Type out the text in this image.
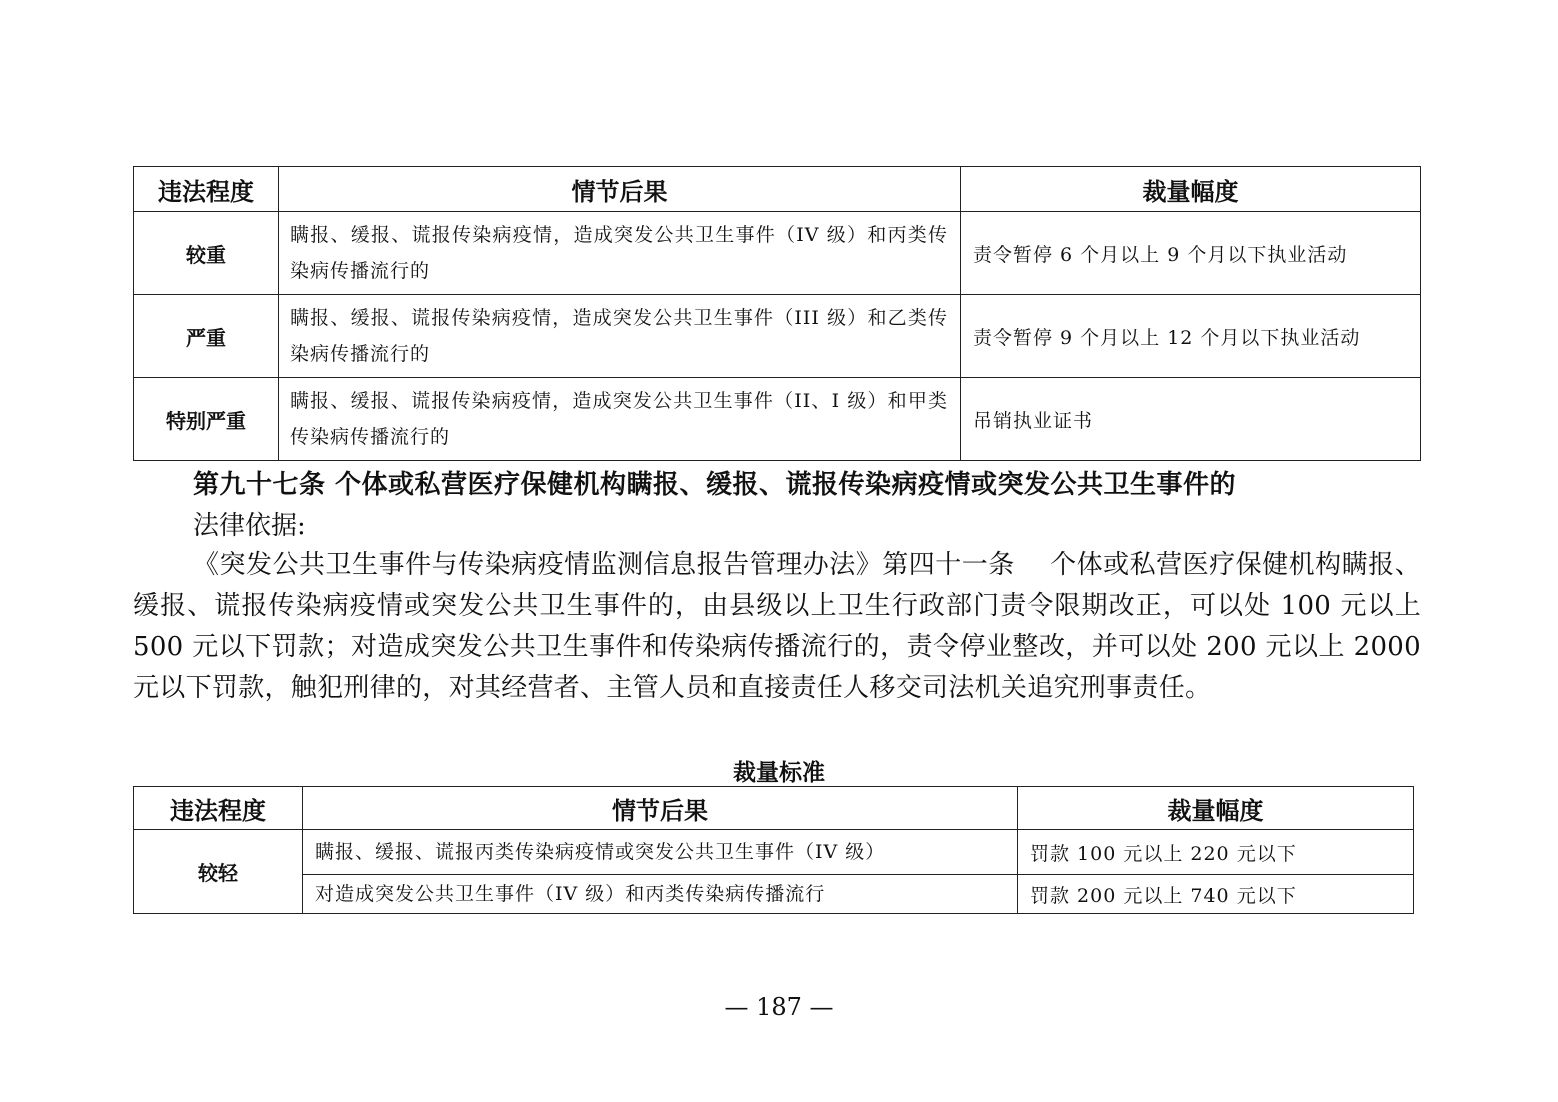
违法程度	情节后果	裁量幅度
较重	瞒报、缓报、谎报传染病疫情，造成突发公共卫生事件（IV 级）和丙类传染病传播流行的	责令暂停 6 个月以上 9 个月以下执业活动
严重	瞒报、缓报、谎报传染病疫情，造成突发公共卫生事件（III 级）和乙类传染病传播流行的	责令暂停 9 个月以上 12 个月以下执业活动
特别严重	瞒报、缓报、谎报传染病疫情，造成突发公共卫生事件（II、I 级）和甲类传染病传播流行的	吊销执业证书
第九十七条 个体或私营医疗保健机构瞒报、缓报、谎报传染病疫情或突发公共卫生事件的
法律依据:

《突发公共卫生事件与传染病疫情监测信息报告管理办法》第四十一条　 个体或私营医疗保健机构瞒报、缓报、谎报传染病疫情或突发公共卫生事件的，由县级以上卫生行政部门责令限期改正，可以处 100 元以上 500 元以下罚款；对造成突发公共卫生事件和传染病传播流行的，责令停业整改，并可以处 200 元以上 2000 元以下罚款，触犯刑律的，对其经营者、主管人员和直接责任人移交司法机关追究刑事责任。

裁量标准
违法程度	情节后果	裁量幅度
较轻	瞒报、缓报、谎报丙类传染病疫情或突发公共卫生事件（IV 级）	罚款 100 元以上 220 元以下
	对造成突发公共卫生事件（IV 级）和丙类传染病传播流行	罚款 200 元以上 740 元以下
— 187 —
